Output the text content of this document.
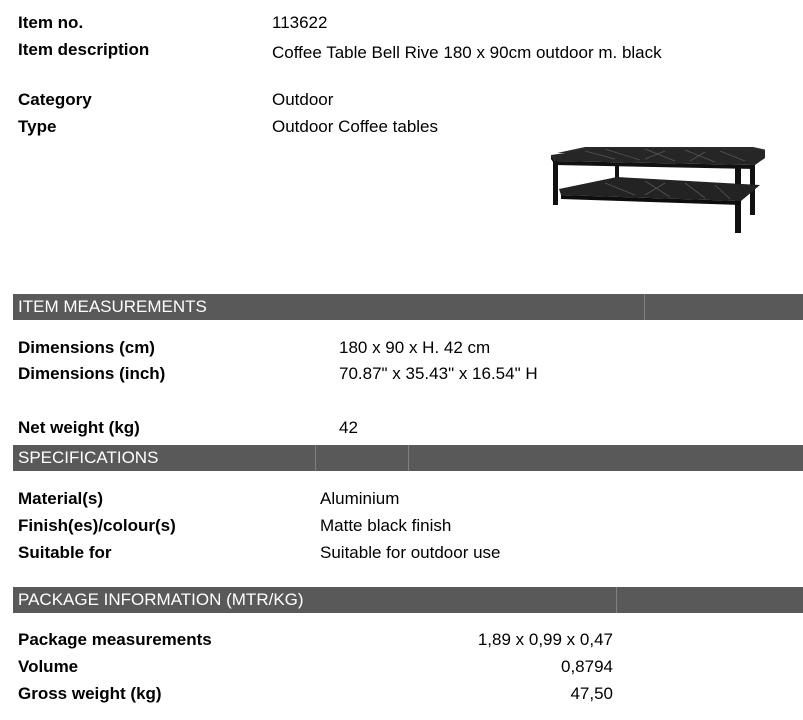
Item no.	113622
Item description	Coffee Table Bell Rive 180 x 90cm outdoor m. black
Category	Outdoor
Type	Outdoor Coffee tables
ITEM MEASUREMENTS
Dimensions (cm)	180 x 90 x H. 42 cm
Dimensions (inch)	70.87" x 35.43" x 16.54" H
Net weight (kg)	42
SPECIFICATIONS
Material(s)	Aluminium
Finish(es)/colour(s)	Matte black finish
Suitable for	Suitable for outdoor use
PACKAGE INFORMATION (MTR/KG)
Package measurements	1,89 x 0,99 x 0,47
Volume	0,8794
Gross weight (kg)	47,50
